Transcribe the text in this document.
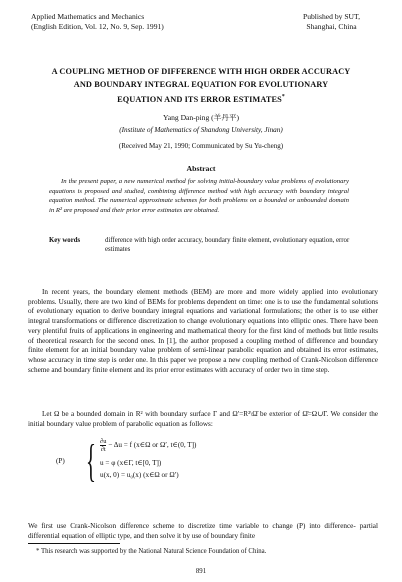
Applied Mathematics and Mechanics
(English Edition, Vol. 12, No. 9, Sep. 1991)
Published by SUT,
Shanghai, China
A COUPLING METHOD OF DIFFERENCE WITH HIGH ORDER ACCURACY
AND BOUNDARY INTEGRAL EQUATION FOR EVOLUTIONARY
EQUATION AND ITS ERROR ESTIMATES*
Yang Dan-ping (羊丹平)
(Institute of Mathematics of Shandong University, Jinan)
(Received May 21, 1990; Communicated by Su Yu-cheng)
Abstract
In the present paper, a new numerical method for solving initial-boundary value problems of evolutionary equations is proposed and studied, combining difference method with high accuracy with boundary integral equation method. The numerical approximate schemes for both problems on a bounded or unbounded domain in R² are proposed and their prior error estimates are obtained.
Key words	difference with high order accuracy, boundary finite element, evolutionary equation, error estimates
In recent years, the boundary element methods (BEM) are more and more widely applied into evolutionary problems. Usually, there are two kind of BEMs for problems dependent on time: one is to use the fundamental solutions of evolutionary equation to derive boundary integral equations and variational formulations; the other is to use either integral transformations or difference discretization to change evolutionary equations into elliptic ones. There have been very plentiful fruits of applications in engineering and mathematical theory for the first kind of methods but little results of theoretical research for the second ones. In [1], the author proposed a coupling method of difference and boundary finite element for an initial boundary value problem of semi-linear parabolic equation and obtained its error estimates, whose accuracy in time step is order one. In this paper we propose a new coupling method of Crank-Nicolson difference scheme and boundary finite element and its prior error estimates with accuracy of order two in time step.
Let Ω be a bounded domain in R² with boundary surface Γ and Ω′=R²\Ω̄ be exterior of Ω̄=Ω∪Γ. We consider the initial boundary value problem of parabolic equation as follows:
(P) { $\frac{\partial u}{\partial t} - \Delta u = f$ (x∈Ω or Ω′, t∈(0, T])
u = φ (x∈Γ, t∈[0, T])
u(x, 0) = u₀(x) (x∈Ω or Ω′)
We first use Crank-Nicolson difference scheme to discretize time variable to change (P) into difference- partial differential equation of elliptic type, and then solve it by use of boundary finite
* This research was supported by the National Natural Science Foundation of China.
891
